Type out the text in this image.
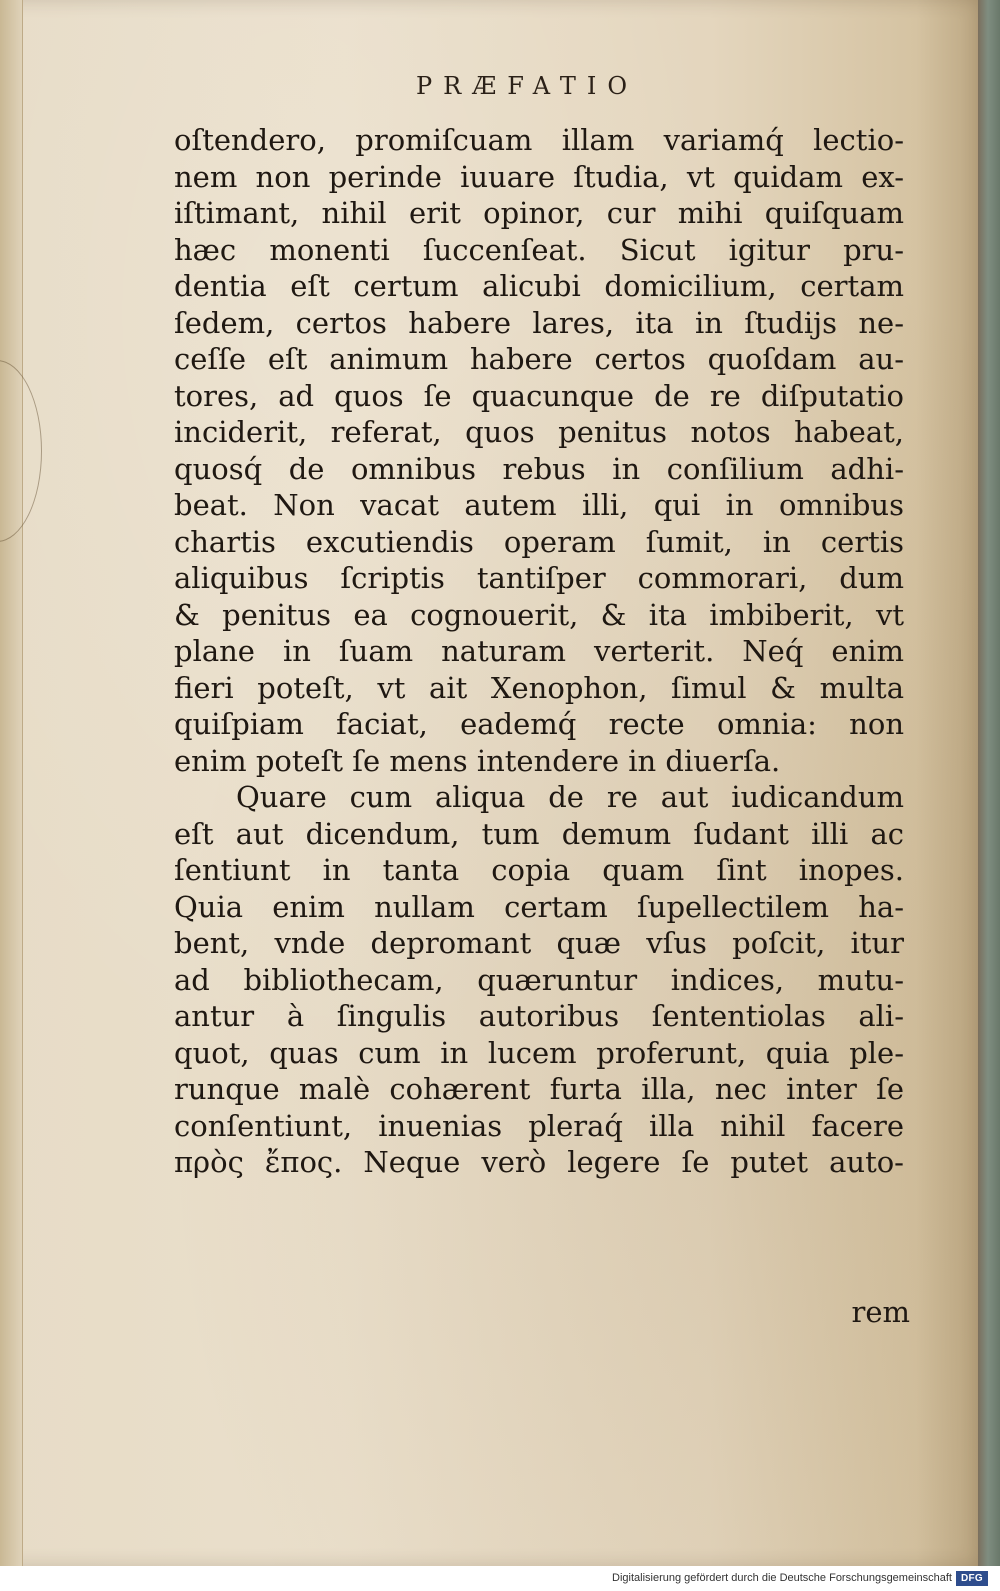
PRÆFATIO
oſtendero, promiſcuam illam variamq́ lectio-
nem non perinde iuuare ſtudia, vt quidam ex-
iſtimant, nihil erit opinor, cur mihi quiſquam
hæc monenti ſuccenſeat. Sicut igitur pru-
dentia eſt certum alicubi domicilium, certam
ſedem, certos habere lares, ita in ſtudijs ne-
ceſſe eſt animum habere certos quoſdam au-
tores, ad quos ſe quacunque de re diſputatio
inciderit, referat, quos penitus notos habeat,
quosq́ de omnibus rebus in conſilium adhi-
beat. Non vacat autem illi, qui in omnibus
chartis excutiendis operam ſumit, in certis
aliquibus ſcriptis tantiſper commorari, dum
& penitus ea cognouerit, & ita imbiberit, vt
plane in ſuam naturam verterit. Neq́ enim
fieri poteſt, vt ait Xenophon, ſimul & multa
quiſpiam faciat, eademq́ recte omnia: non
enim poteſt ſe mens intendere in diuerſa.
Quare cum aliqua de re aut iudicandum
eſt aut dicendum, tum demum ſudant illi ac
ſentiunt in tanta copia quam ſint inopes.
Quia enim nullam certam ſupellectilem ha-
bent, vnde depromant quæ vſus poſcit, itur
ad bibliothecam, quæruntur indices, mutu-
antur à ſingulis autoribus ſententiolas ali-
quot, quas cum in lucem proferunt, quia ple-
runque malè cohærent furta illa, nec inter ſe
conſentiunt, inuenias pleraq́ illa nihil facere
πρὸς ἔπος. Neque verò legere ſe putet auto-
rem
Digitalisierung gefördert durch die Deutsche Forschungsgemeinschaft DFG
